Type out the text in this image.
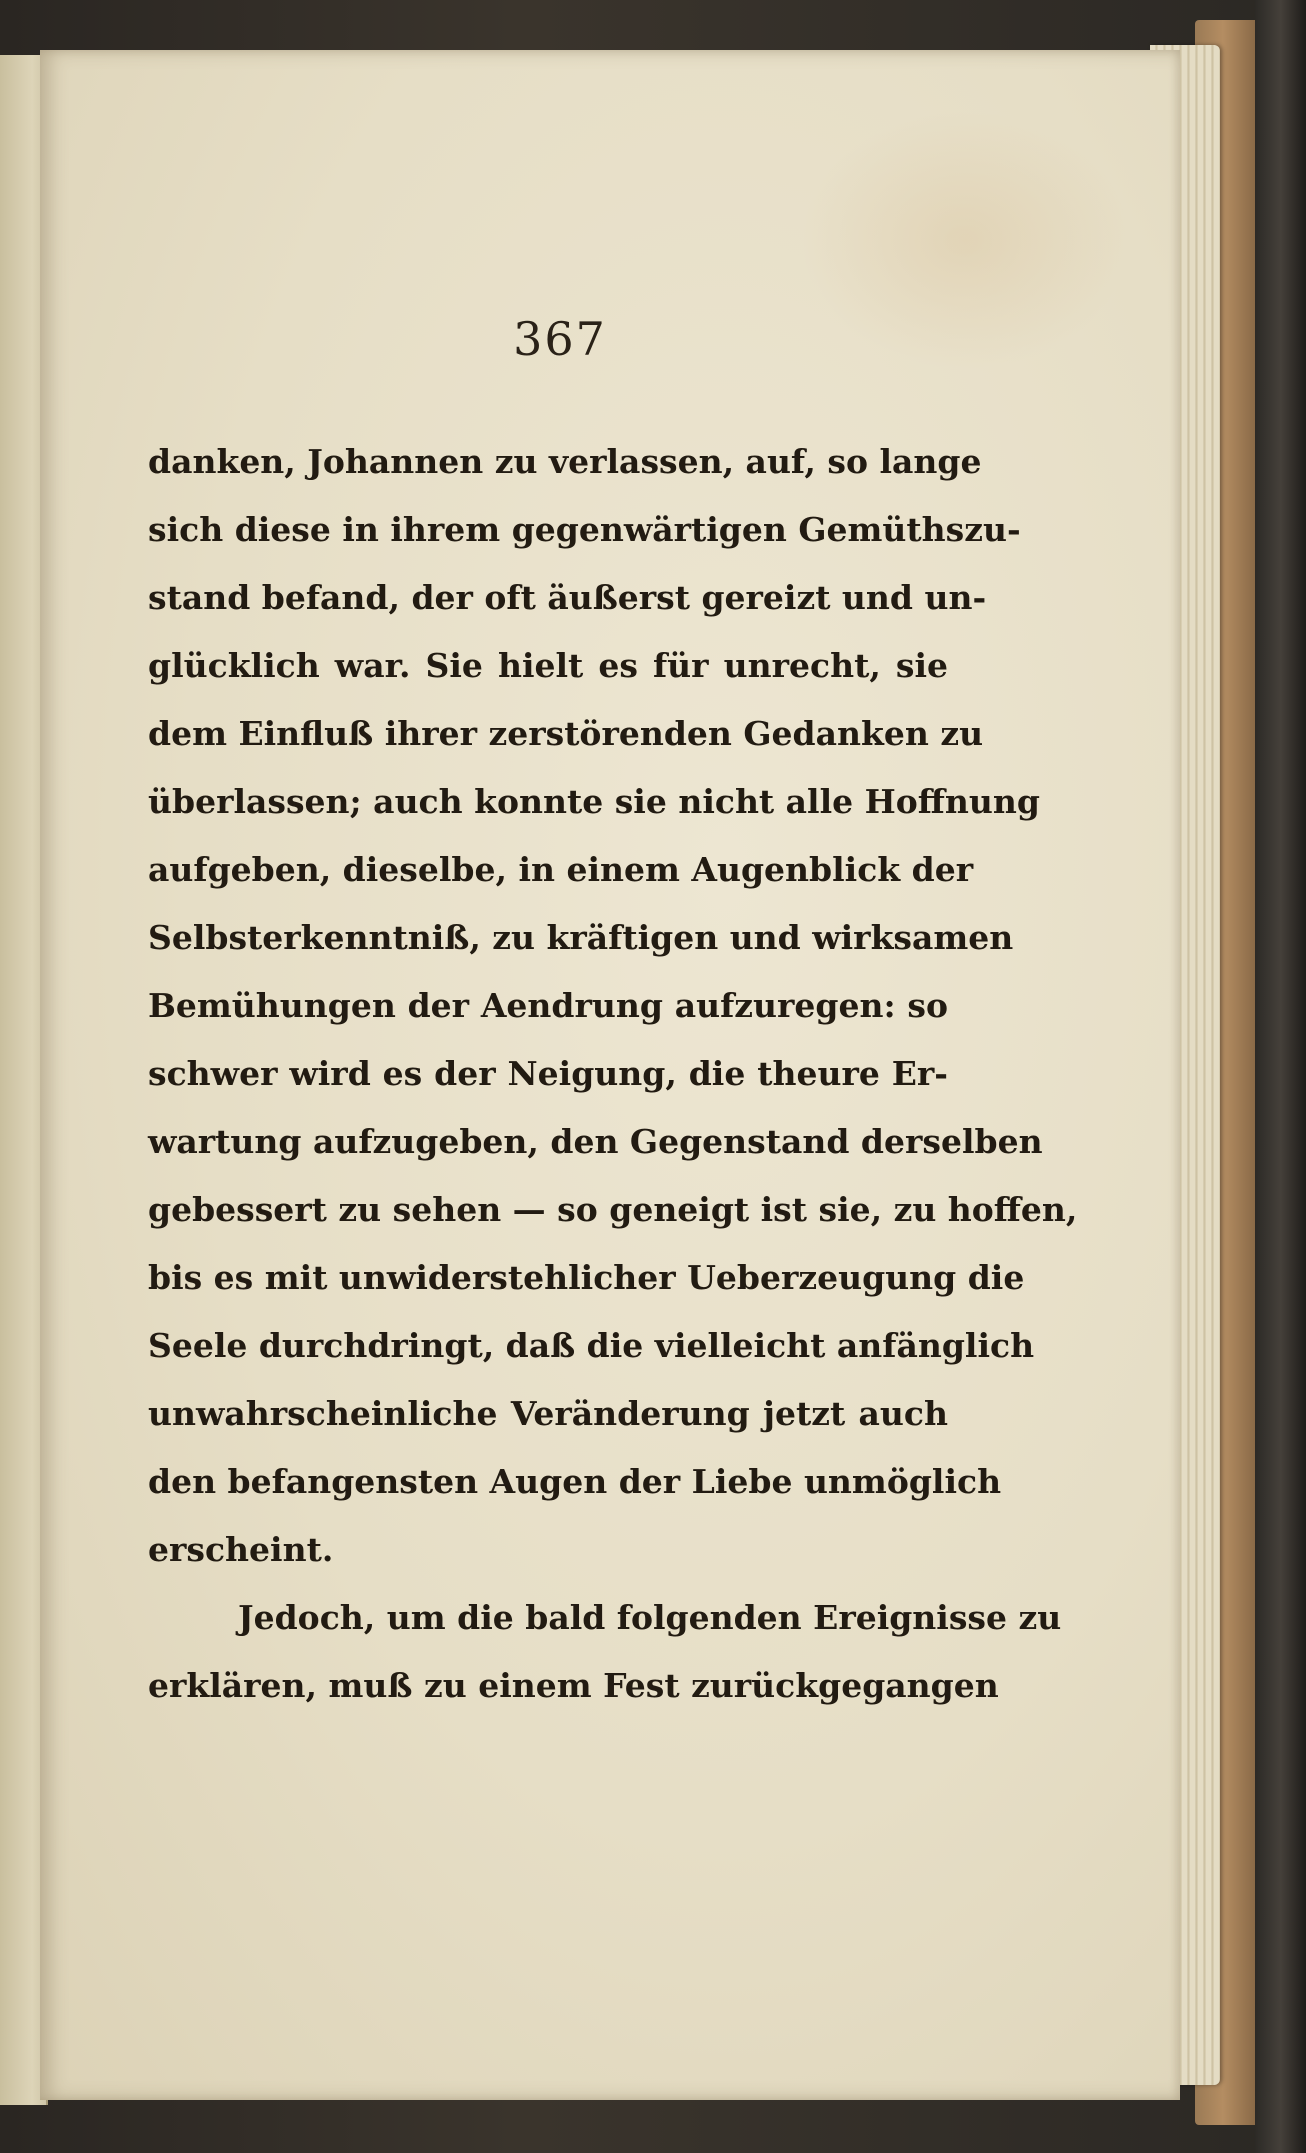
367
danken, Johannen zu verlassen, auf, so lange
sich diese in ihrem gegenwärtigen Gemüthszu-
stand befand, der oft äußerst gereizt und un-
glücklich war. Sie hielt es für unrecht, sie
dem Einfluß ihrer zerstörenden Gedanken zu
überlassen; auch konnte sie nicht alle Hoffnung
aufgeben, dieselbe, in einem Augenblick der
Selbsterkenntniß, zu kräftigen und wirksamen
Bemühungen der Aendrung aufzuregen: so
schwer wird es der Neigung, die theure Er-
wartung aufzugeben, den Gegenstand derselben
gebessert zu sehen — so geneigt ist sie, zu hoffen,
bis es mit unwiderstehlicher Ueberzeugung die
Seele durchdringt, daß die vielleicht anfänglich
unwahrscheinliche Veränderung jetzt auch
den befangensten Augen der Liebe unmöglich
erscheint.
Jedoch, um die bald folgenden Ereignisse zu
erklären, muß zu einem Fest zurückgegangen
